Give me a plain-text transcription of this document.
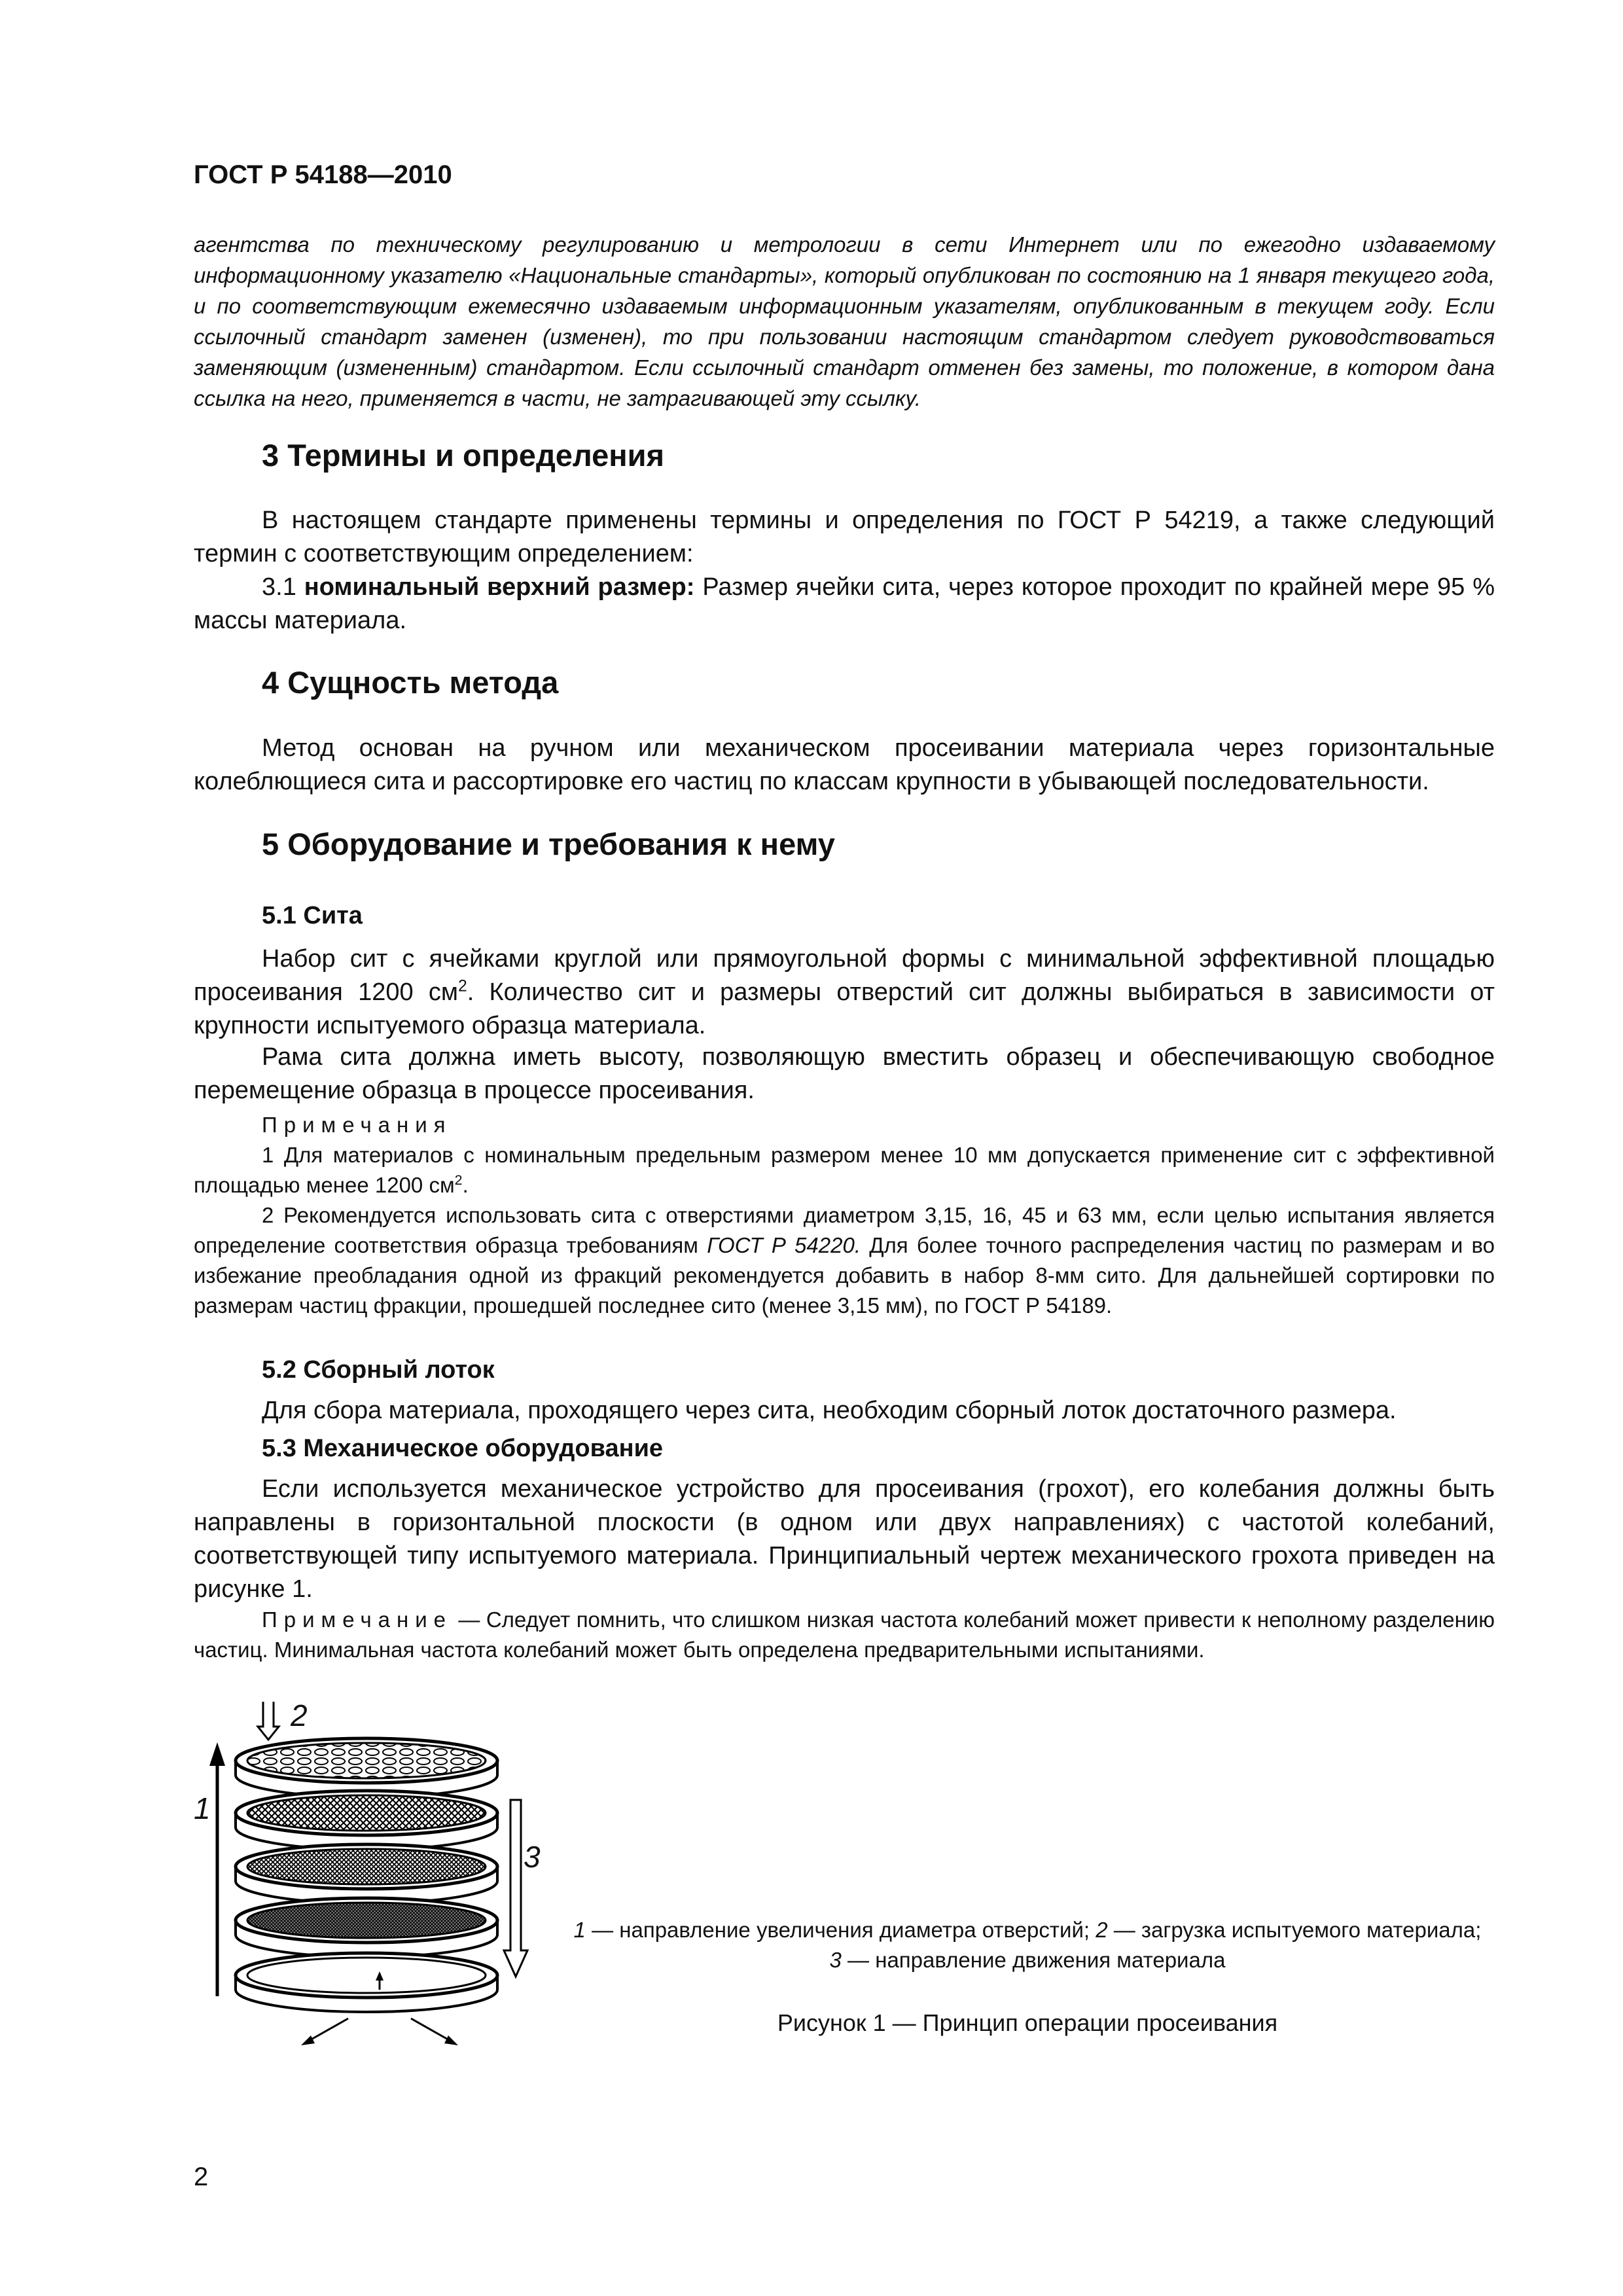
ГОСТ Р 54188—2010
агентства по техническому регулированию и метрологии в сети Интернет или по ежегодно издаваемому информационному указателю «Национальные стандарты», который опубликован по состоянию на 1 января текущего года, и по соответствующим ежемесячно издаваемым информационным указателям, опубликованным в текущем году. Если ссылочный стандарт заменен (изменен), то при пользовании настоящим стандартом следует руководствоваться заменяющим (измененным) стандартом. Если ссылочный стандарт отменен без замены, то положение, в котором дана ссылка на него, применяется в части, не затрагивающей эту ссылку.
3 Термины и определения
В настоящем стандарте применены термины и определения по ГОСТ Р 54219, а также следующий термин с соответствующим определением:
3.1 номинальный верхний размер: Размер ячейки сита, через которое проходит по крайней мере 95 % массы материала.
4 Сущность метода
Метод основан на ручном или механическом просеивании материала через горизонтальные колеблющиеся сита и рассортировке его частиц по классам крупности в убывающей последовательности.
5 Оборудование и требования к нему
5.1 Сита
Набор сит с ячейками круглой или прямоугольной формы с минимальной эффективной площадью просеивания 1200 $см^2$. Количество сит и размеры отверстий сит должны выбираться в зависимости от крупности испытуемого образца материала.
Рама сита должна иметь высоту, позволяющую вместить образец и обеспечивающую свободное перемещение образца в процессе просеивания.
Примечания
1 Для материалов с номинальным предельным размером менее 10 мм допускается применение сит с эффективной площадью менее 1200 $см^2$.
2 Рекомендуется использовать сита с отверстиями диаметром 3,15, 16, 45 и 63 мм, если целью испытания является определение соответствия образца требованиям ГОСТ Р 54220. Для более точного распределения частиц по размерам и во избежание преобладания одной из фракций рекомендуется добавить в набор 8-мм сито. Для дальнейшей сортировки по размерам частиц фракции, прошедшей последнее сито (менее 3,15 мм), по ГОСТ Р 54189.
5.2 Сборный лоток
Для сбора материала, проходящего через сита, необходим сборный лоток достаточного размера.
5.3 Механическое оборудование
Если используется механическое устройство для просеивания (грохот), его колебания должны быть направлены в горизонтальной плоскости (в одном или двух направлениях) с частотой колебаний, соответствующей типу испытуемого материала. Принципиальный чертеж механического грохота приведен на рисунке 1.
Примечание — Следует помнить, что слишком низкая частота колебаний может привести к неполному разделению частиц. Минимальная частота колебаний может быть определена предварительными испытаниями.
1
2
3
1 — направление увеличения диаметра отверстий; 2 — загрузка испытуемого материала;
3 — направление движения материала
Рисунок 1 — Принцип операции просеивания
2
